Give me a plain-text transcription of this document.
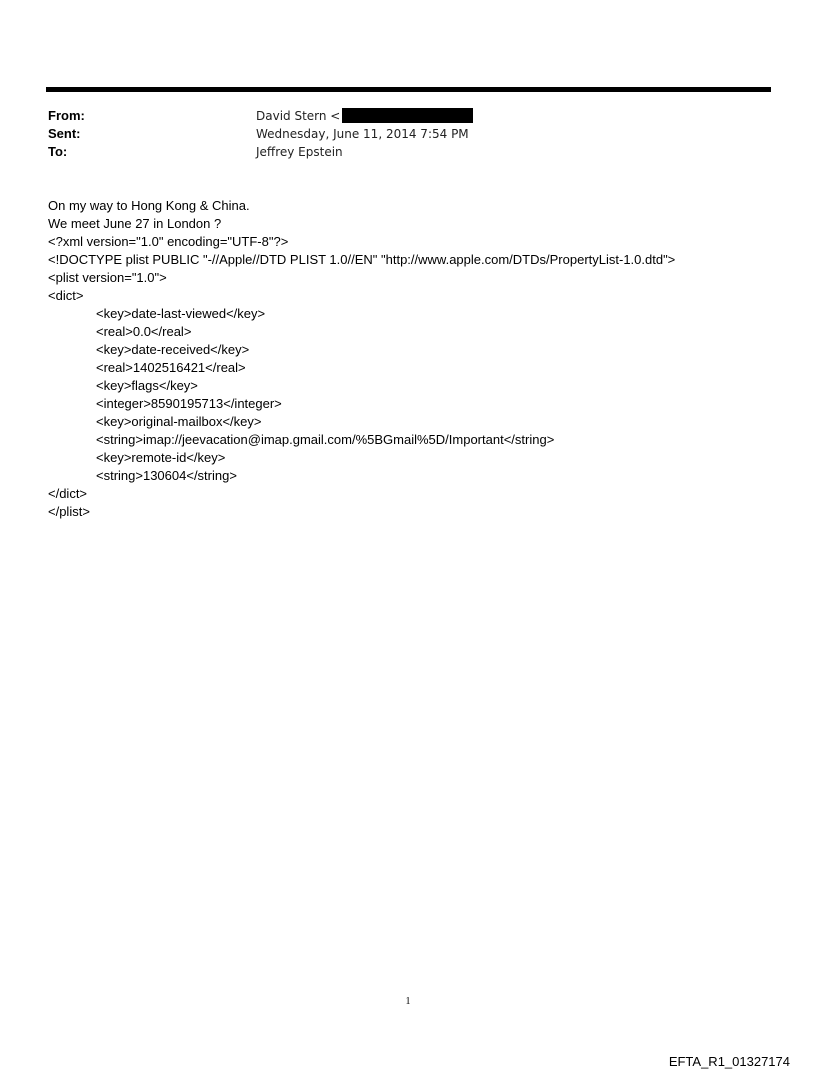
From:	David Stern <
Sent:	Wednesday, June 11, 2014 7:54 PM
To:	Jeffrey Epstein
On my way to Hong Kong & China.
We meet June 27 in London ?
<?xml version="1.0" encoding="UTF-8"?>
<!DOCTYPE plist PUBLIC "-//Apple//DTD PLIST 1.0//EN" "http://www.apple.com/DTDs/PropertyList-1.0.dtd">
<plist version="1.0">
<dict>
<key>date-last-viewed</key>
<real>0.0</real>
<key>date-received</key>
<real>1402516421</real>
<key>flags</key>
<integer>8590195713</integer>
<key>original-mailbox</key>
<string>imap://jeevacation@imap.gmail.com/%5BGmail%5D/Important</string>
<key>remote-id</key>
<string>130604</string>
</dict>
</plist>
1
EFTA_R1_01327174
